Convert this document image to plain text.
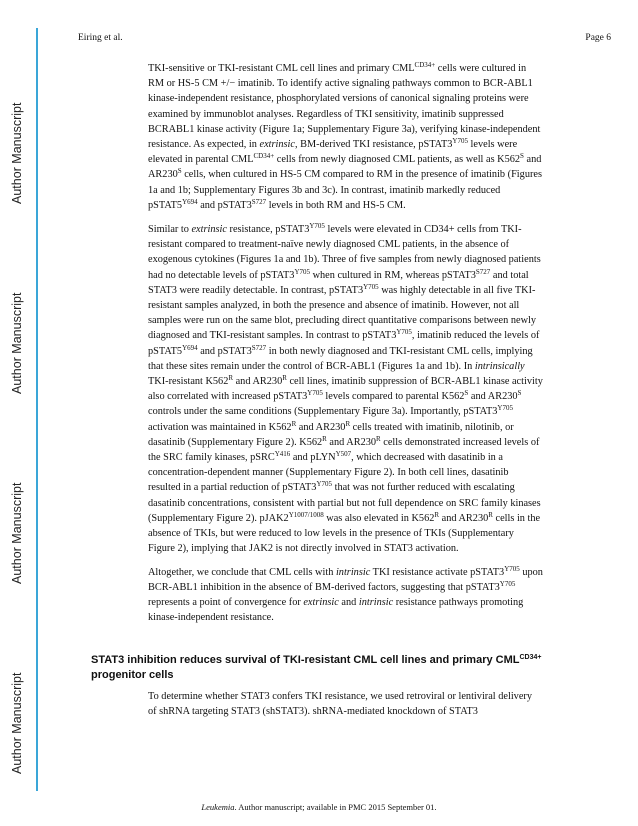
Author Manuscript
Author Manuscript
Author Manuscript
Author Manuscript
Eiring et al.	Page 6

TKI-sensitive or TKI-resistant CML cell lines and primary $CML^{CD34+}$ cells were cultured in RM or HS-5 CM +/− imatinib. To identify active signaling pathways common to BCR-ABL1 kinase-independent resistance, phosphorylated versions of canonical signaling proteins were examined by immunoblot analyses. Regardless of TKI sensitivity, imatinib suppressed BCRABL1 kinase activity (Figure 1a; Supplementary Figure 3a), verifying kinase-independent resistance. As expected, in extrinsic, BM-derived TKI resistance, $pSTAT3^{Y705}$ levels were elevated in parental $CML^{CD34+}$ cells from newly diagnosed CML patients, as well as $K562^S$ and $AR230^S$ cells, when cultured in HS-5 CM compared to RM in the presence of imatinib (Figures 1a and 1b; Supplementary Figures 3b and 3c). In contrast, imatinib markedly reduced $pSTAT5^{Y694}$ and $pSTAT3^{S727}$ levels in both RM and HS-5 CM.

Similar to extrinsic resistance, $pSTAT3^{Y705}$ levels were elevated in CD34+ cells from TKI-resistant compared to treatment-naïve newly diagnosed CML patients, in the absence of exogenous cytokines (Figures 1a and 1b). Three of five samples from newly diagnosed patients had no detectable levels of $pSTAT3^{Y705}$ when cultured in RM, whereas $pSTAT3^{S727}$ and total STAT3 were readily detectable. In contrast, $pSTAT3^{Y705}$ was highly detectable in all five TKI-resistant samples analyzed, in both the presence and absence of imatinib. However, not all samples were run on the same blot, precluding direct quantitative comparisons between newly diagnosed and TKI-resistant samples. In contrast to $pSTAT3^{Y705}$, imatinib reduced the levels of $pSTAT5^{Y694}$ and $pSTAT3^{S727}$ in both newly diagnosed and TKI-resistant CML cells, implying that these sites remain under the control of BCR-ABL1 (Figures 1a and 1b). In intrinsically TKI-resistant $K562^R$ and $AR230^R$ cell lines, imatinib suppression of BCR-ABL1 kinase activity also correlated with increased $pSTAT3^{Y705}$ levels compared to parental $K562^S$ and $AR230^S$ controls under the same conditions (Supplementary Figure 3a). Importantly, $pSTAT3^{Y705}$ activation was maintained in $K562^R$ and $AR230^R$ cells treated with imatinib, nilotinib, or dasatinib (Supplementary Figure 2). $K562^R$ and $AR230^R$ cells demonstrated increased levels of the SRC family kinases, pSRC$^{Y416}$ and pLYN$^{Y507}$, which decreased with dasatinib in a concentration-dependent manner (Supplementary Figure 2). In both cell lines, dasatinib resulted in a partial reduction of $pSTAT3^{Y705}$ that was not further reduced with escalating dasatinib concentrations, consistent with partial but not full dependence on SRC family kinases (Supplementary Figure 2). $pJAK2^{Y1007/1008}$ was also elevated in $K562^R$ and $AR230^R$ cells in the absence of TKIs, but were reduced to low levels in the presence of TKIs (Supplementary Figure 2), implying that JAK2 is not directly involved in STAT3 activation.

Altogether, we conclude that CML cells with intrinsic TKI resistance activate $pSTAT3^{Y705}$ upon BCR-ABL1 inhibition in the absence of BM-derived factors, suggesting that $pSTAT3^{Y705}$ represents a point of convergence for extrinsic and intrinsic resistance pathways promoting kinase-independent resistance.

STAT3 inhibition reduces survival of TKI-resistant CML cell lines and primary $CML^{CD34+}$
progenitor cells

To determine whether STAT3 confers TKI resistance, we used retroviral or lentiviral delivery of shRNA targeting STAT3 (shSTAT3). shRNA-mediated knockdown of STAT3

Leukemia. Author manuscript; available in PMC 2015 September 01.
